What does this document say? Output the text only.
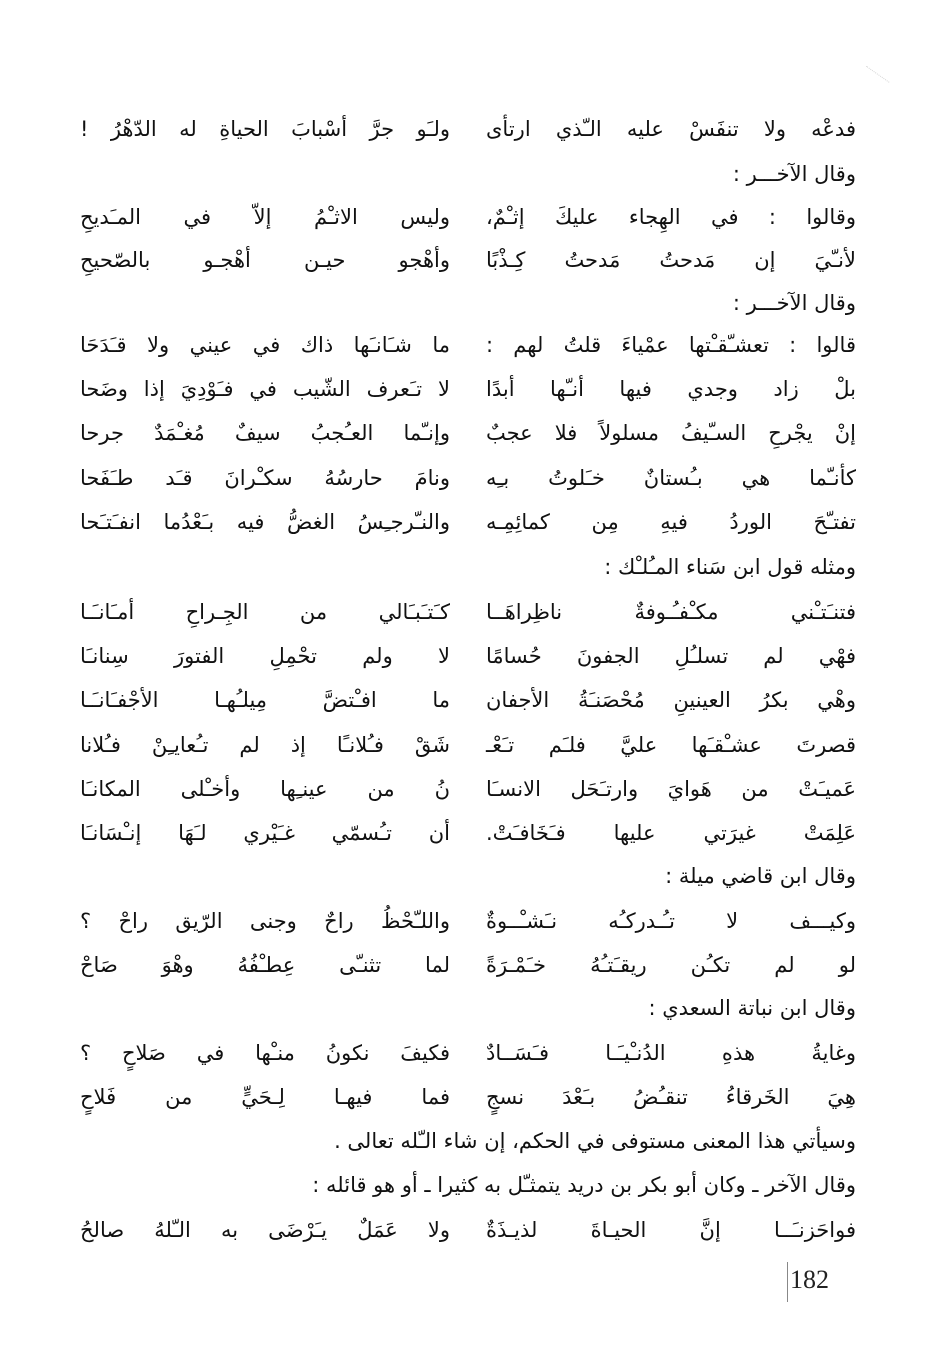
فدعْه ولا تنفَسْ عليه الـّذي ارتأى
ولـَو جرَّ أسْبابَ الحياةِ له الدّهْرُ !
وقال الآخـــر :
وقالوا : في الهِجاء عليكَ إثـْمٌ،
وليس الاثـْمُ إلاّ في المـَديحِ
لأنـّيَ إن مَدحتُ مَدحتُ كِـذْبًا
وأهْجو حيـن أهْجـو بالصّحيحِ
وقال الآخـــر :
قالوا : تعشـّقـْتها عمْياءَ قلتُ لهم :
ما شـَانـَها ذاك في عيني ولا قـَدَحَا
بلْ زاد وجدي فيها أنـّها أبدًا
لا تـَعرف الشّيب في فـَوْدِيَ إذا وضَحا
إنْ يجْرحِ السـّيفُ مسلولاً فلا عجبٌ
وإنـّما العـُجبُ سيفٌ مُغـْمَدٌ جرحا
كأنـّما هي بـُستانٌ خـَلوتُ بـِه
ونامَ حارسُهُ سكـْرانَ قـَد طـَفَحا
تفتـّحَ الوردُ فيهِ مِن كمائِمِـه
والنـّرجـِسُ الغضُّ فيه بـَعْدُما انفـَتـَحا
ومثله قول ابن سَناء المـُلـْك :
فتنـَتـْني مكـْفـُـوفةٌ ناظِراهَــا
كـَتـَبـَالي من الجِـراحِ أمـَانـَـا
فهْي لم تسلـُلِ الجفونَ حُسامًا
لا ولم تحْمِلِ الفتورَ سِنانـَا
وهْي بكرُ العينينِ مُحْصَنـَةُ الأجفان
ما افـْتضَّ مِيلـُهـا الأجْفـَانـَـا
قصرتَ عشـْقـَها عليَّ فلـَم تـَعْـ
شَقْ فـُلانـًا إذ لم تـُعايـِنْ فـُلانا
عَميـَتْ من هَوايَ وارتـَحَل الانسـَا
نُ من عينـِها وأخـْلى المكانـَا
عَلِمَتْ غيرَتي عليها فـَخَافـَتْ.
أن تـُسمّي غـَيْري لـَهَا إنـْسَانـَا
وقال ابن قاضي ميلة :
وكيـــف لا تـُـدركـُه نـَشـْــوةٌ
واللـّحْظُ راحٌ وجنى الرّيق راحْ ؟
لو لم تكـُن ريقـَتـُهُ خـَمْـرَةً
لما تثنـّى عِطـْفُهُ وهْوَ صَاحْ
وقال ابن نباتة السعدي :
وغايةُ هذهِ الدُنـْيـَـا فـَسَــادٌ
فكيفَ نكونُ منـْها في صَلاحٍ ؟
هِيَ الخَرقاءُ تنقـُضُ بـَعْدَ نسجٍ
فما فيهـا لِـحَيٍّ من فَلاحٍ
وسيأتي هذا المعنى مستوفى في الحكم، إن شاء الـّله تعالى .
وقال الآخر ـ وكان أبو بكر بن دريد يتمثـّل به كثيرا ـ أو هو قائله :
فواحَزنـَــا إنَّ الحيـاةَ لذيـذَةٌ
ولا عَمَلٌ يـَرْضَى به الـّلهُ صالحُ
182
